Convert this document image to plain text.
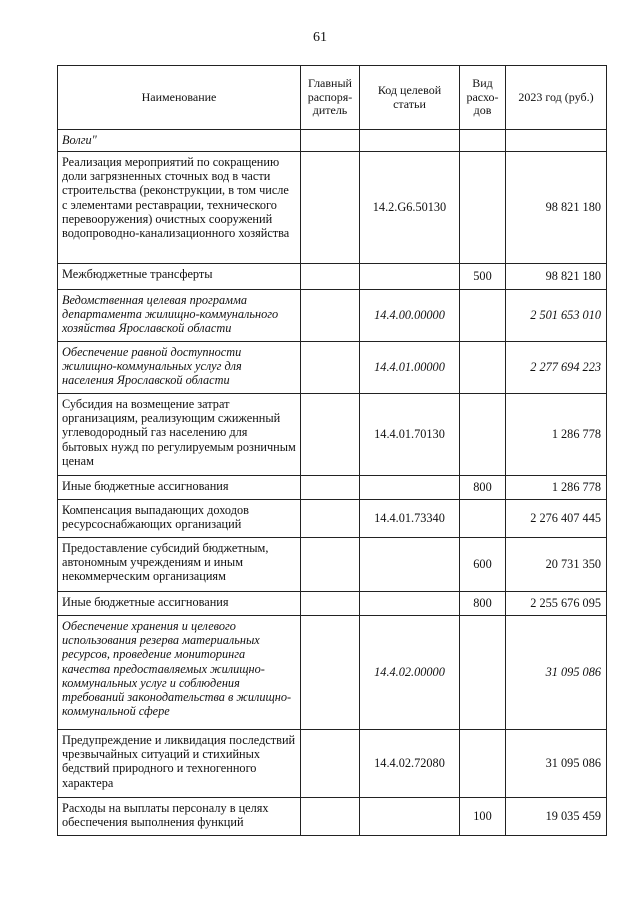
61
Наименование	Главный распоря-дитель	Код целевой статьи	Вид расхо-дов	2023 год (руб.)
Волги"				
Реализация мероприятий по сокращению доли загрязненных сточных вод в части строительства (реконструкции, в том числе с элементами реставрации, технического перевооружения) очистных сооружений водопроводно-канализационного хозяйства		14.2.G6.50130		98 821 180
Межбюджетные трансферты			500	98 821 180
Ведомственная целевая программа департамента жилищно-коммунального хозяйства Ярославской области		14.4.00.00000		2 501 653 010
Обеспечение равной доступности жилищно-коммунальных услуг для населения Ярославской области		14.4.01.00000		2 277 694 223
Субсидия на возмещение затрат организациям, реализующим сжиженный углеводородный газ населению для бытовых нужд по регулируемым розничным ценам		14.4.01.70130		1 286 778
Иные бюджетные ассигнования			800	1 286 778
Компенсация выпадающих доходов ресурсоснабжающих организаций		14.4.01.73340		2 276 407 445
Предоставление субсидий бюджетным, автономным учреждениям и иным некоммерческим организациям			600	20 731 350
Иные бюджетные ассигнования			800	2 255 676 095
Обеспечение хранения и целевого использования резерва материальных ресурсов, проведение мониторинга качества предоставляемых жилищно-коммунальных услуг и соблюдения требований законодательства в жилищно-коммунальной сфере		14.4.02.00000		31 095 086
Предупреждение и ликвидация последствий чрезвычайных ситуаций и стихийных бедствий природного и техногенного характера		14.4.02.72080		31 095 086
Расходы на выплаты персоналу в целях обеспечения выполнения функций			100	19 035 459
